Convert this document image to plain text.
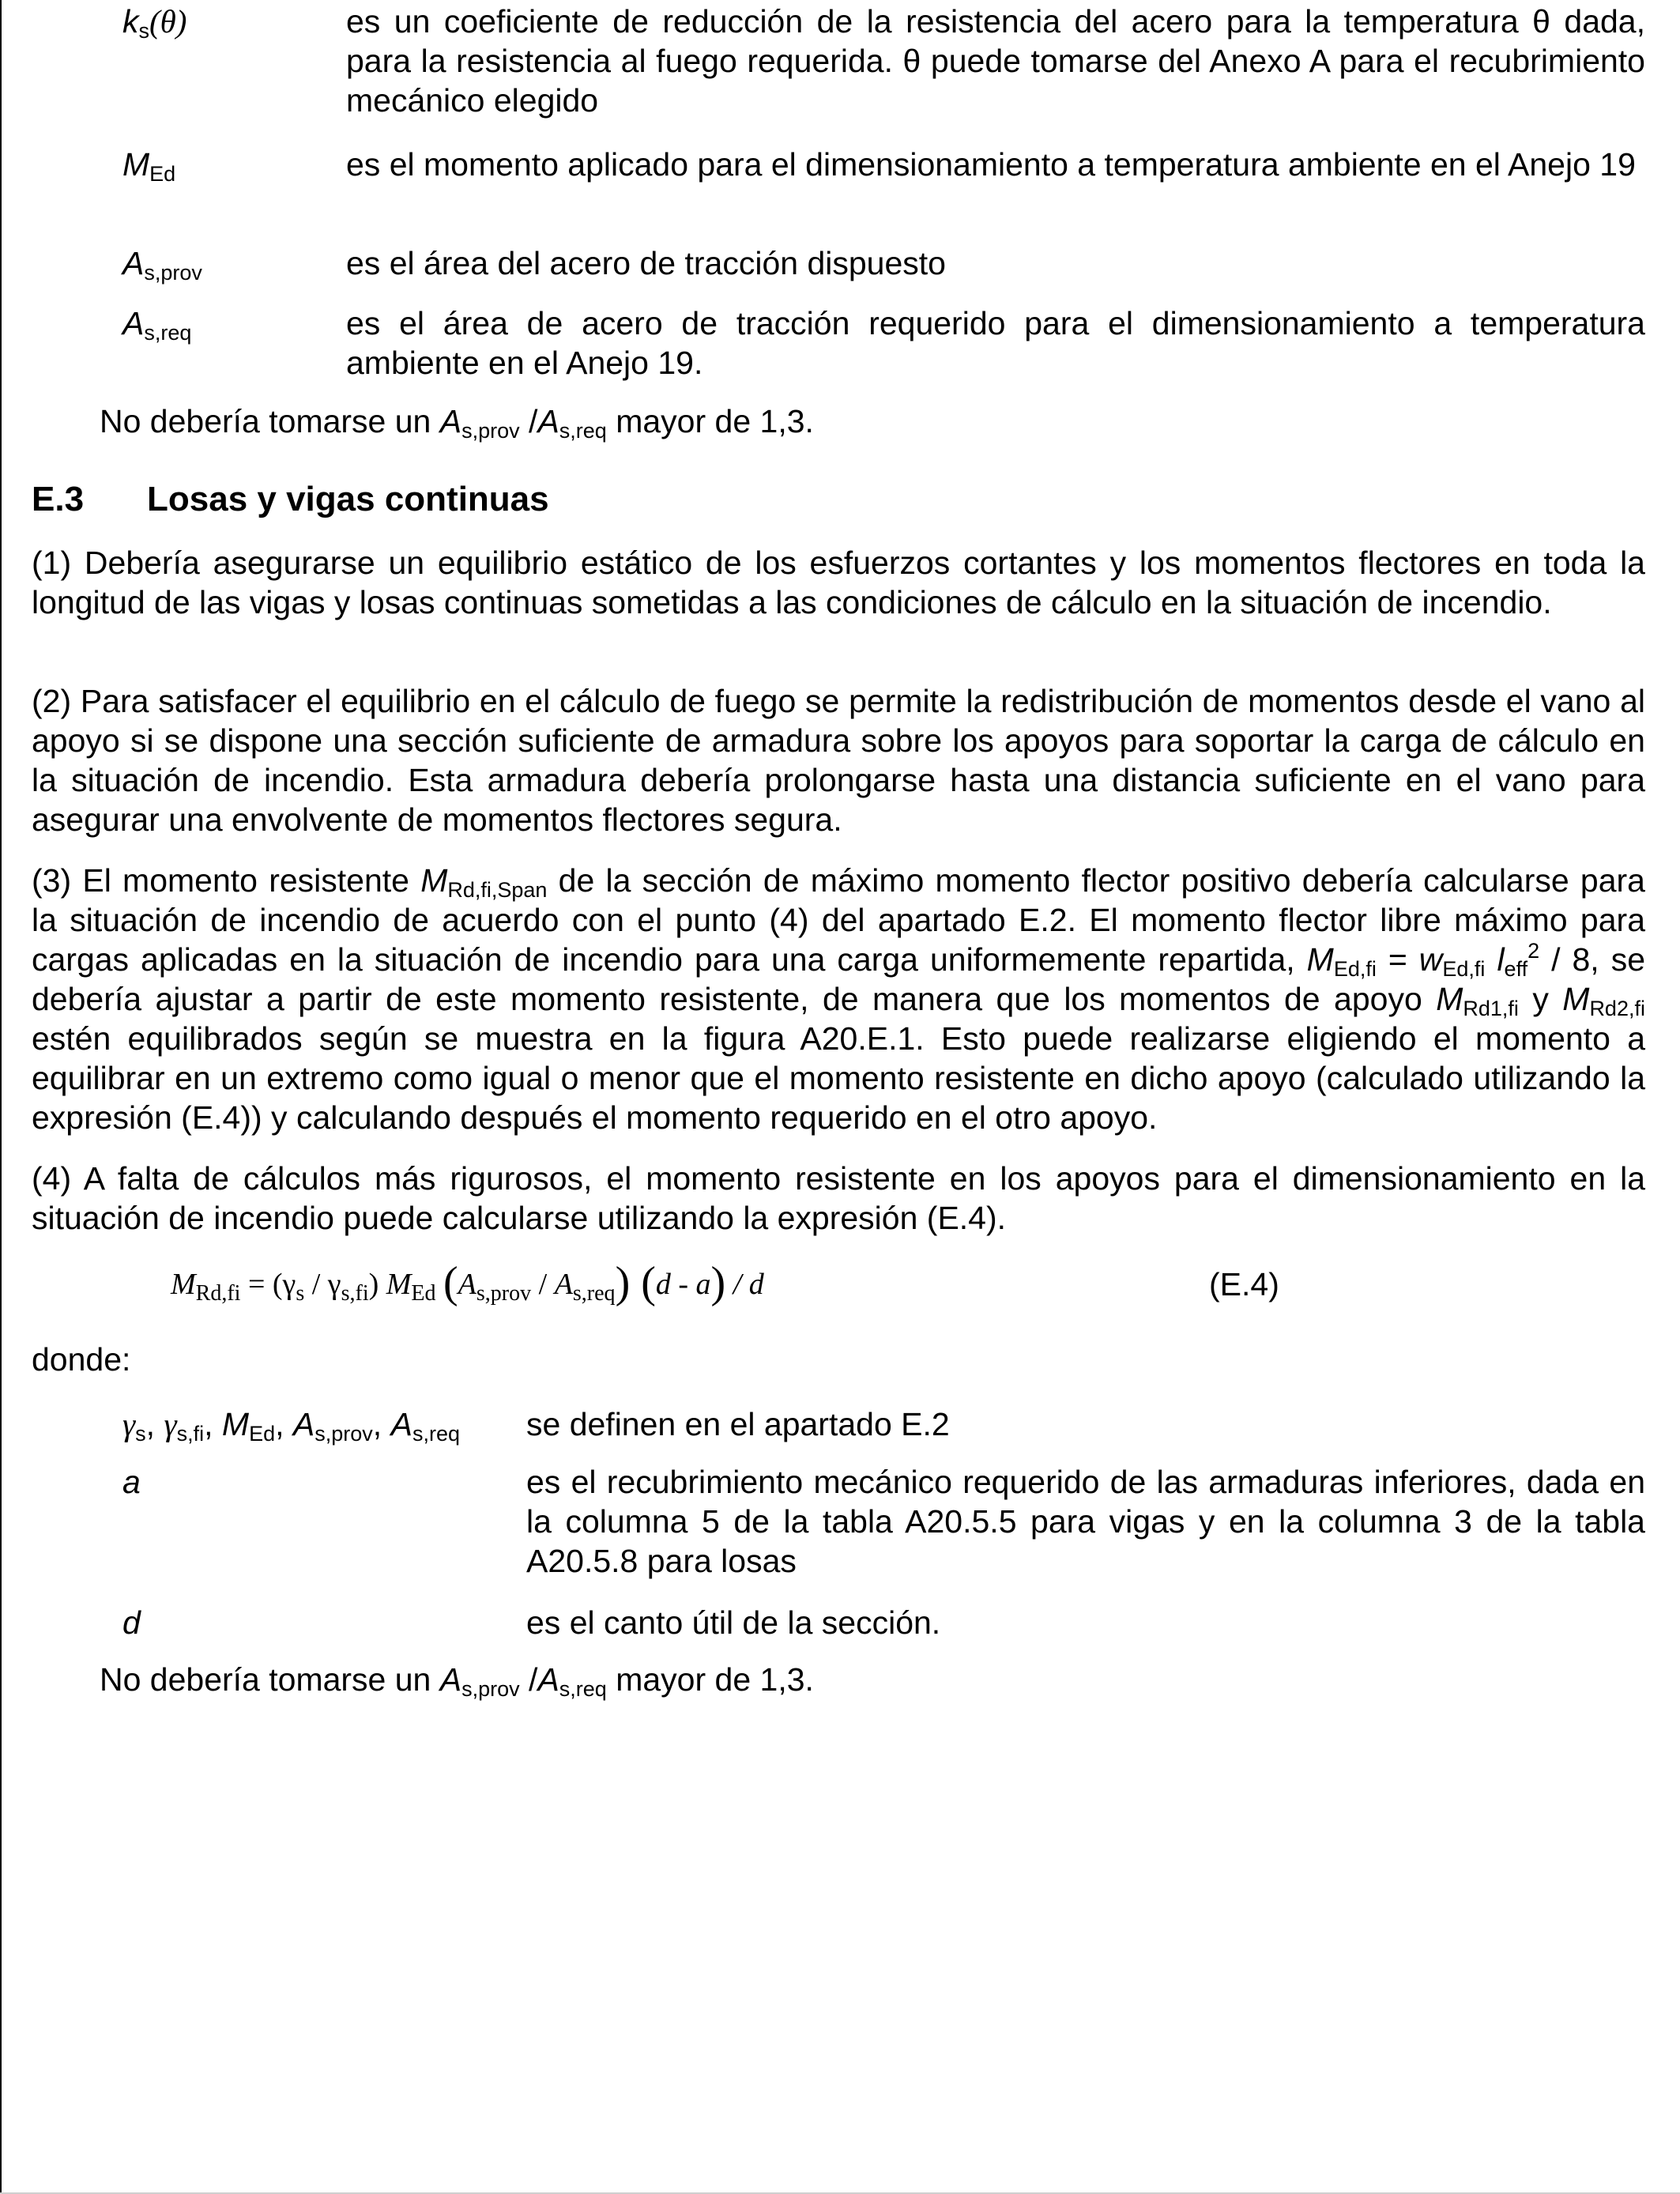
$k_s(\theta)$	es un coeficiente de reducción de la resistencia del acero para la temperatura θ dada, para la resistencia al fuego requerida. θ puede tomarse del Anexo A para el recubrimiento mecánico elegido
$M_{Ed}$	es el momento aplicado para el dimensionamiento a temperatura ambiente en el Anejo 19
$A_{s,prov}$	es el área del acero de tracción dispuesto
$A_{s,req}$	es el área de acero de tracción requerido para el dimensionamiento a temperatura ambiente en el Anejo 19.
No debería tomarse un $A_{s,prov}$ $/A_{s,req}$ mayor de 1,3.
E.3 Losas y vigas continuas
(1) Debería asegurarse un equilibrio estático de los esfuerzos cortantes y los momentos flectores en toda la longitud de las vigas y losas continuas sometidas a las condiciones de cálculo en la situación de incendio.
(2) Para satisfacer el equilibrio en el cálculo de fuego se permite la redistribución de momentos desde el vano al apoyo si se dispone una sección suficiente de armadura sobre los apoyos para soportar la carga de cálculo en la situación de incendio. Esta armadura debería prolongarse hasta una distancia suficiente en el vano para asegurar una envolvente de momentos flectores segura.
(3) El momento resistente $M_{Rd,fi,Span}$ de la sección de máximo momento flector positivo debería calcularse para la situación de incendio de acuerdo con el punto (4) del apartado E.2. El momento flector libre máximo para cargas aplicadas en la situación de incendio para una carga uniformemente repartida, $M_{Ed,fi} = w_{Ed,fi}$ $l_{eff}^2 / 8$, se debería ajustar a partir de este momento resistente, de manera que los momentos de apoyo $M_{Rd1,fi}$ y $M_{Rd2,fi}$ estén equilibrados según se muestra en la figura A20.E.1. Esto puede realizarse eligiendo el momento a equilibrar en un extremo como igual o menor que el momento resistente en dicho apoyo (calculado utilizando la expresión (E.4)) y calculando después el momento requerido en el otro apoyo.
(4) A falta de cálculos más rigurosos, el momento resistente en los apoyos para el dimensionamiento en la situación de incendio puede calcularse utilizando la expresión (E.4).
$M_{Rd,fi} = (\gamma_s / \gamma_{s,fi})$ $M_{Ed}$ $(A_{s,prov} / A_{s,req})$ (d - a) / d	(E.4)
donde:
$\gamma_s$, $\gamma_{s,fi}$, $M_{Ed}$, $A_{s,prov}$, $A_{s,req}$ se definen en el apartado E.2
a	es el recubrimiento mecánico requerido de las armaduras inferiores, dada en la columna 5 de la tabla A20.5.5 para vigas y en la columna 3 de la tabla A20.5.8 para losas
d	es el canto útil de la sección.
No debería tomarse un $A_{s,prov}$ $/A_{s,req}$ mayor de 1,3.
